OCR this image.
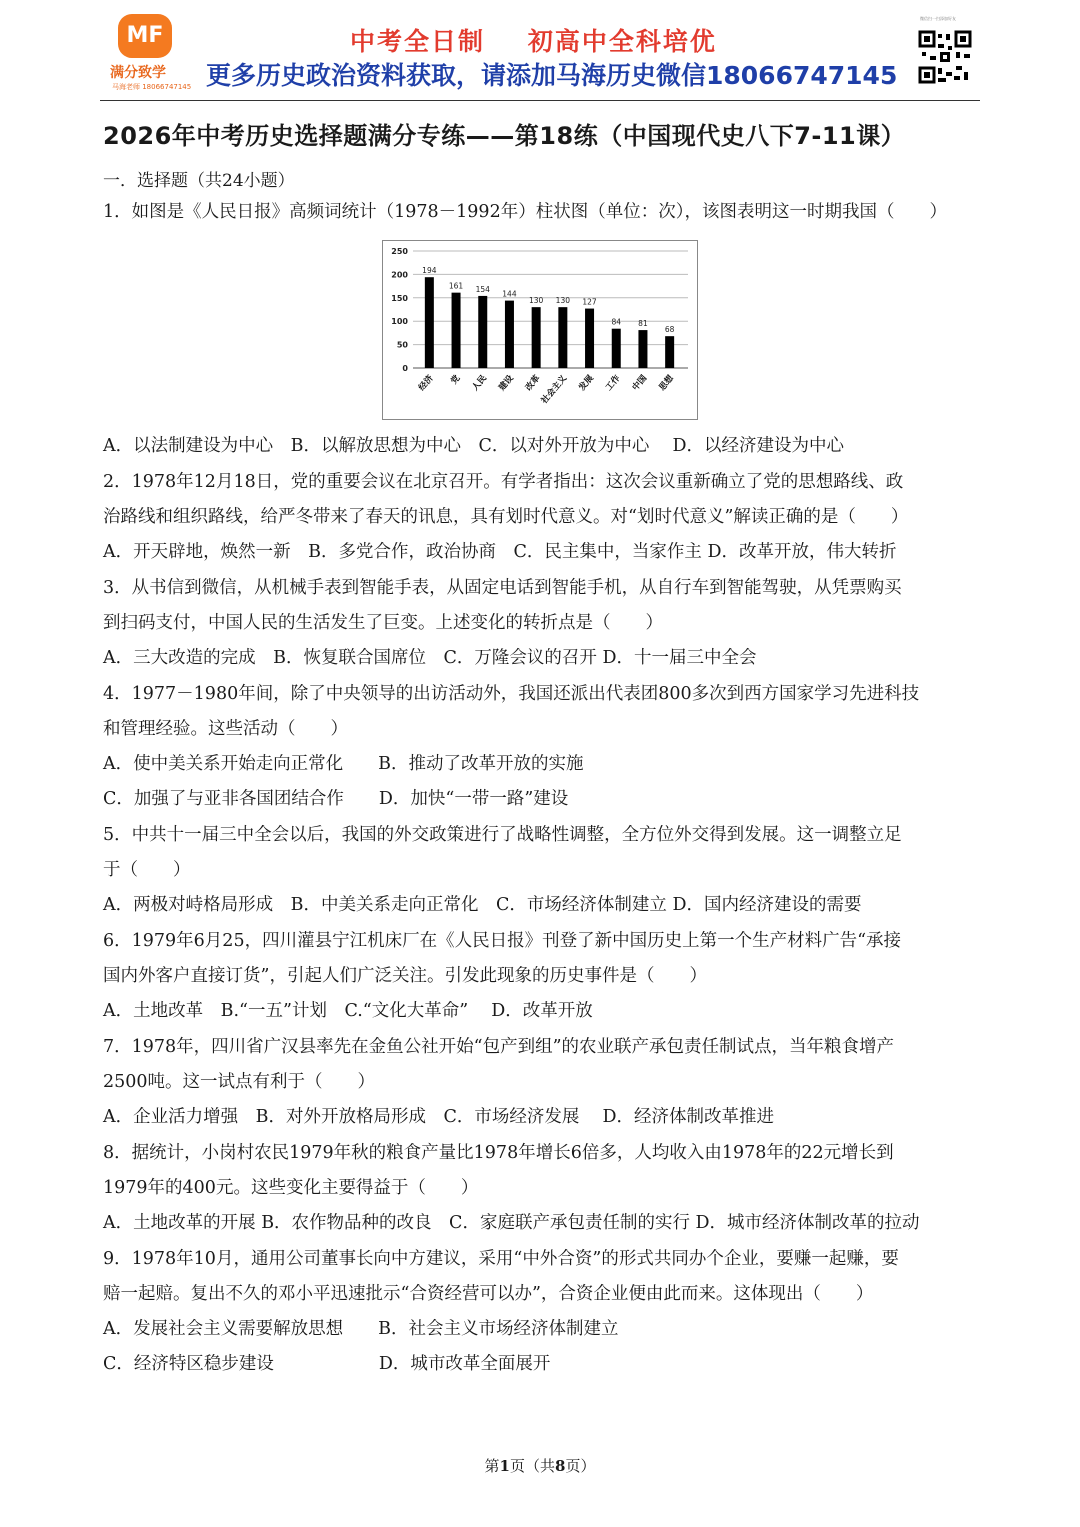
MF
满分致学
马海老师 18066747145
中考全日制 初高中全科培优
更多历史政治资料获取，请添加马海历史微信18066747145
微信扫一扫添加好友
2026年中考历史选择题满分专练——第18练（中国现代史八下7-11课）
一．选择题（共24小题）
1．如图是《人民日报》高频词统计（1978－1992年）柱状图（单位：次），该图表明这一时期我国（　　）
0
50
100
150
200
250
194
经济
161
党
154
人民
144
建设
130
改革
130
社会主义
127
发展
84
工作
81
中国
68
思想
A．以法制建设为中心　B．以解放思想为中心　C．以对外开放为中心　 D．以经济建设为中心
2．1978年12月18日，党的重要会议在北京召开。有学者指出：这次会议重新确立了党的思想路线、政
治路线和组织路线，给严冬带来了春天的讯息，具有划时代意义。对“划时代意义”解读正确的是（　　）
A．开天辟地，焕然一新　B．多党合作，政治协商　C．民主集中，当家作主 D．改革开放，伟大转折
3．从书信到微信，从机械手表到智能手表，从固定电话到智能手机，从自行车到智能驾驶，从凭票购买
到扫码支付，中国人民的生活发生了巨变。上述变化的转折点是（　　）
A．三大改造的完成　B．恢复联合国席位　C．万隆会议的召开 D．十一届三中全会
4．1977－1980年间，除了中央领导的出访活动外，我国还派出代表团800多次到西方国家学习先进科技
和管理经验。这些活动（　　）
A．使中美关系开始走向正常化　　B．推动了改革开放的实施
C．加强了与亚非各国团结合作　　D．加快“一带一路”建设
5．中共十一届三中全会以后，我国的外交政策进行了战略性调整，全方位外交得到发展。这一调整立足
于（　　）
A．两极对峙格局形成　B．中美关系走向正常化　C．市场经济体制建立 D．国内经济建设的需要
6．1979年6月25，四川灌县宁江机床厂在《人民日报》刊登了新中国历史上第一个生产材料广告“承接
国内外客户直接订货”，引起人们广泛关注。引发此现象的历史事件是（　　）
A．土地改革　B.“一五”计划　C.“文化大革命”　 D．改革开放
7．1978年，四川省广汉县率先在金鱼公社开始“包产到组”的农业联产承包责任制试点，当年粮食增产
2500吨。这一试点有利于（　　）
A．企业活力增强　B．对外开放格局形成　C．市场经济发展　 D．经济体制改革推进
8．据统计，小岗村农民1979年秋的粮食产量比1978年增长6倍多，人均收入由1978年的22元增长到
1979年的400元。这些变化主要得益于（　　）
A．土地改革的开展 B．农作物品种的改良　C．家庭联产承包责任制的实行 D．城市经济体制改革的拉动
9．1978年10月，通用公司董事长向中方建议，采用“中外合资”的形式共同办个企业，要赚一起赚，要
赔一起赔。复出不久的邓小平迅速批示“合资经营可以办”，合资企业便由此而来。这体现出（　　）
A．发展社会主义需要解放思想　　B．社会主义市场经济体制建立
C．经济特区稳步建设　　　　　　D．城市改革全面展开
第1页（共8页）
